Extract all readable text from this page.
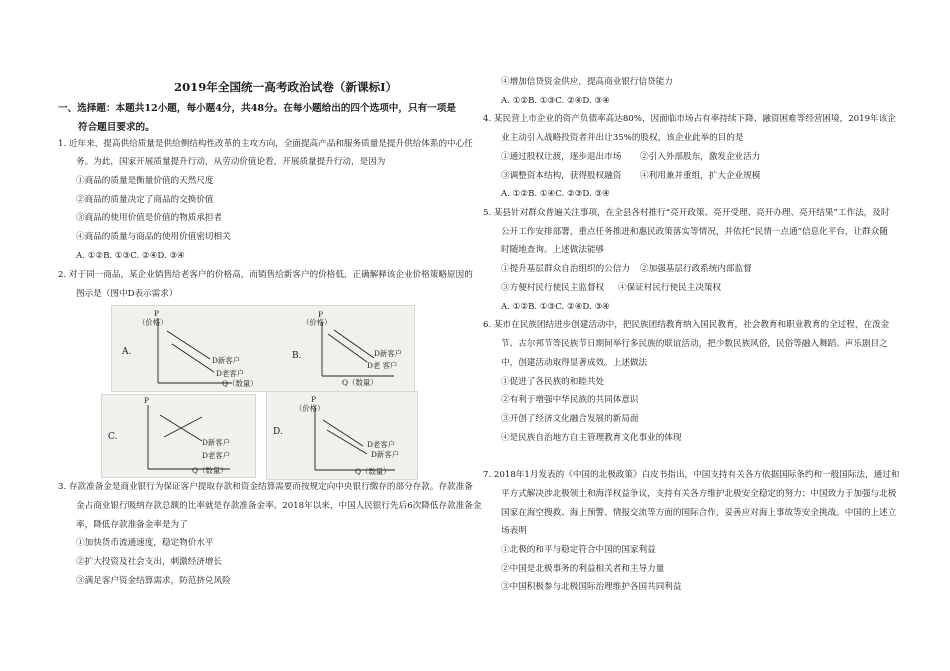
2019年全国统一高考政治试卷（新课标Ⅰ）
一、选择题：本题共12小题，每小题4分，共48分。在每小题给出的四个选项中，只有一项是
符合题目要求的。
1. 近年来，提高供给质量是供给侧结构性改革的主攻方向，全面提高产品和服务质量是提升供给体系的中心任
务。为此，国家开展质量提升行动，从劳动价值论看，开展质量提升行动，是因为
①商品的质量是衡量价值的天然尺度
②商品的质量决定了商品的交换价值
③商品的使用价值是价值的物质承担者
④商品的质量与商品的使用价值密切相关
A. ①②B. ①③C. ②④D. ③④
2. 对于同一商品，某企业销售给老客户的价格高，而销售给新客户的价格低，正确解释该企业价格策略原因的
图示是（图中D表示需求）
P
（价格）
A.
D新客户
D老客户
Q（数量）
P
（价格）
D老 客户
D新客户
Q（数量）
B.
P
C.
D新客户
D老客户
Q（数量）
P
（价格）
D.
D老客户
D新客户
Q（数量）
3. 存款准备金是商业银行为保证客户提取存款和资金结算需要而按规定向中央银行缴存的部分存款。存款准备
金占商业银行吸纳存款总额的比率就是存款准备金率。2018年以来，中国人民银行先后6次降低存款准备金
率，降低存款准备金率是为了
①加快货币流通速度，稳定物价水平
②扩大投资及社会支出，刺激经济增长
③满足客户资金结算需求，防范挤兑风险
④增加信贷资金供应，提高商业银行信贷能力
A. ①②B. ①③C. ②④D. ③④
4. 某民营上市企业的资产负债率高达80%，因面临市场占有率持续下降、融资困难等经营困境，2019年该企
业主动引入战略投资者并出让35%的股权，该企业此举的目的是
①通过股权让渡，逐步退出市场 ②引入外部股东，激发企业活力
③调整资本结构，获得股权融资 ④利用兼并重组，扩大企业规模
A. ①②B. ①④C. ②③D. ③④
5. 某县针对群众普遍关注事项，在全县各村推行“亮开政策、亮开受理、亮开办理、亮开结果”工作法，及时
公开工作安排部署，重点任务推进和惠民政策落实等情况，并依托“民情一点通”信息化平台，让群众随
时随地查询。上述做法能够
①提升基层群众自治组织的公信力 ②加强基层行政系统内部监督
③方便村民行使民主监督权 ④保证村民行使民主决策权
A. ①②B. ①③C. ②④D. ③④
6. 某市在民族团结进步创建活动中，把民族团结教育纳入国民教育，社会教育和职业教育的全过程，在泼金
节、古尔邦节等民族节日期间举行多民族的联谊活动，把少数民族风俗，民俗等融入舞蹈、声乐剧目之
中，创建活动取得显著成效。上述做法
①促进了各民族的和睦共处
②有利于增强中华民族的共同体意识
③开创了经济文化融合发展的新局面
④是民族自治地方自主管理教育文化事业的体现
7. 2018年1月发表的《中国的北极政策》白皮书指出，中国支持有关各方依据国际条约和一般国际法，通过和
平方式解决涉北极领土和海洋权益争议，支持有关各方维护北极安全稳定的努力；中国致力于加强与北极
国家在海空搜救、海上预警、情报交流等方面的国际合作，妥善应对海上事故等安全挑战。中国的上述立
场表明
①北极的和平与稳定符合中国的国家利益
②中国是北极事务的利益相关者和主导力量
③中国积极参与北极国际治理维护各国共同利益
